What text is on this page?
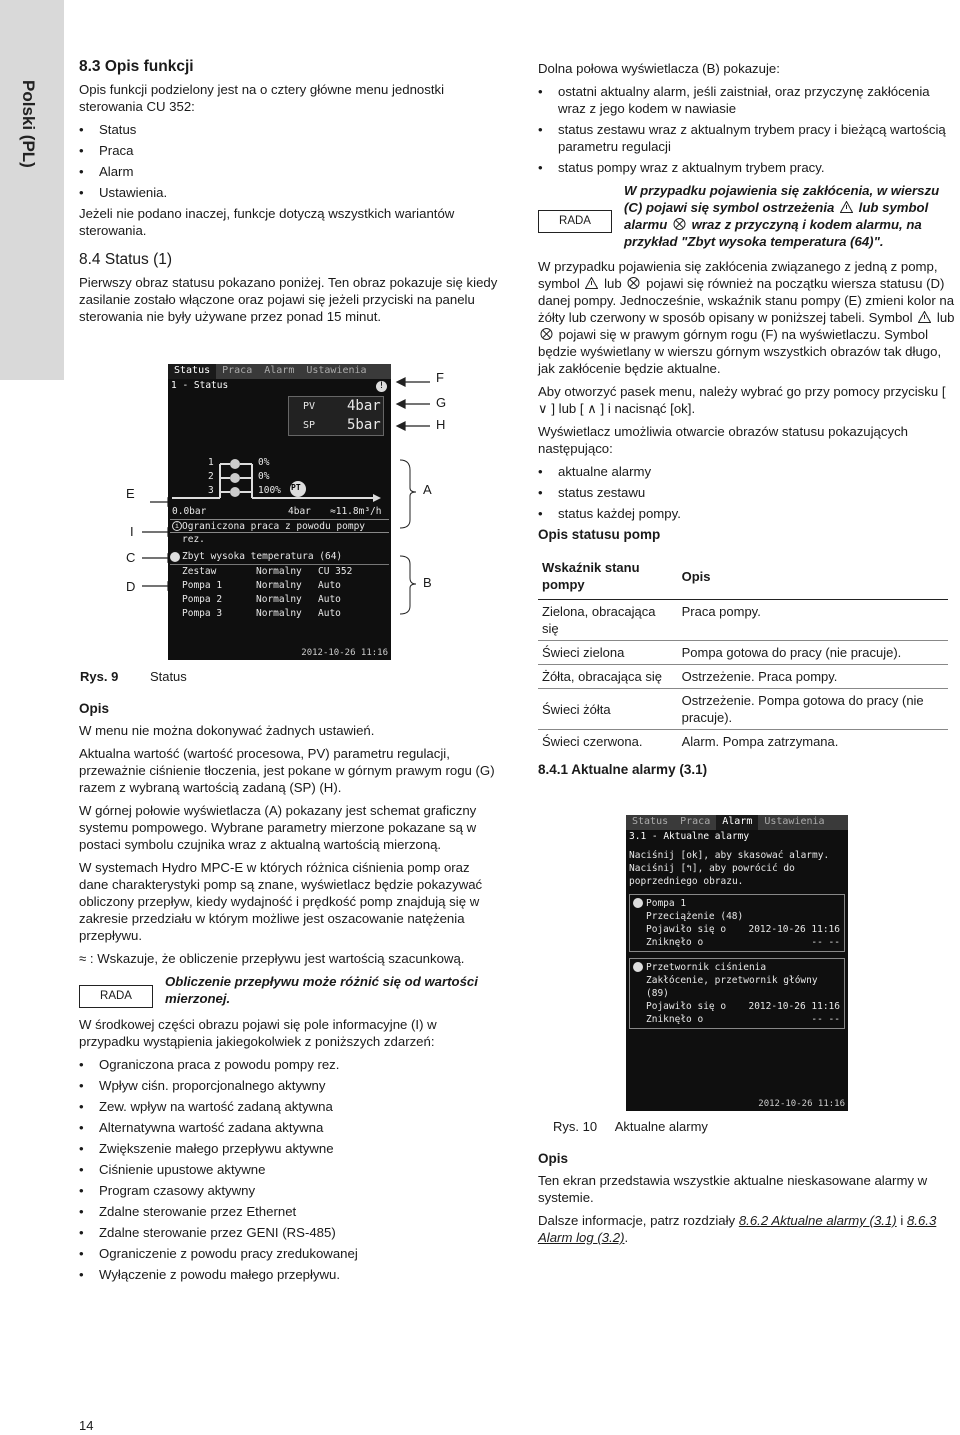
Polski (PL)
8.3 Opis funkcji

Opis funkcji podzielony jest na o cztery główne menu jednostki sterowania CU 352:

• Status
• Praca
• Alarm
• Ustawienia.

Jeżeli nie podano inaczej, funkcje dotyczą wszystkich wariantów sterowania.

8.4 Status (1)

Pierwszy obraz statusu pokazano poniżej. Ten obraz pokazuje się kiedy zasilanie zostało włączone oraz pojawi się jeżeli przyciski na panelu sterowania nie były używane przez ponad 15 minut.

E
I
C
D
F
G
H
A
B
Status	Praca	Alarm	Ustawienia
1 - Status	!
PV 4bar
SP 5bar
1
2
3
0%
0%
100% PT
0.0bar	4bar ≈11.8m³/h
i Ograniczona praca z powodu pompy rez.
Zbyt wysoka temperatura (64)
Zestaw	Normalny	CU 352
Pompa 1	Normalny	Auto
Pompa 2	Normalny	Auto
Pompa 3	Normalny	Auto
2012-10-26 11:16
Rys. 9 Status
Opis

W menu nie można dokonywać żadnych ustawień.

Aktualna wartość (wartość procesowa, PV) parametru regulacji, przeważnie ciśnienie tłoczenia, jest pokane w górnym prawym rogu (G) razem z wybraną wartością zadaną (SP) (H).

W górnej połowie wyświetlacza (A) pokazany jest schemat graficzny systemu pompowego. Wybrane parametry mierzone pokazane są w postaci symbolu czujnika wraz z aktualną wartością mierzoną.

W systemach Hydro MPC-E w których różnica ciśnienia pomp oraz dane charakterystyki pomp są znane, wyświetlacz będzie pokazywać obliczony przepływ, kiedy wydajność i prędkość pomp znajdują się w zakresie przedziału w którym możliwe jest oszacowanie natężenia przepływu.

≈ : Wskazuje, że obliczenie przepływu jest wartością szacunkową.

RADA
Obliczenie przepływu może różnić się od wartości mierzonej.

W środkowej części obrazu pojawi się pole informacyjne (I) w przypadku wystąpienia jakiegokolwiek z poniższych zdarzeń:

• Ograniczona praca z powodu pompy rez.
• Wpływ ciśn. proporcjonalnego aktywny
• Zew. wpływ na wartość zadaną aktywna
• Alternatywna wartość zadana aktywna
• Zwiększenie małego przepływu aktywne
• Ciśnienie upustowe aktywne
• Program czasowy aktywny
• Zdalne sterowanie przez Ethernet
• Zdalne sterowanie przez GENI (RS-485)
• Ograniczenie z powodu pracy zredukowanej
• Wyłączenie z powodu małego przepływu.

Dolna połowa wyświetlacza (B) pokazuje:

• ostatni aktualny alarm, jeśli zaistniał, oraz przyczynę zakłócenia wraz z jego kodem w nawiasie
• status zestawu wraz z aktualnym trybem pracy i bieżącą wartością parametru regulacji
• status pompy wraz z aktualnym trybem pracy.
RADA
W przypadku pojawienia się zakłócenia, w wierszu (C) pojawi się symbol ostrzeżenia lub symbol alarmu wraz z przyczyną i kodem alarmu, na przykład "Zbyt wysoka temperatura (64)".

W przypadku pojawienia się zakłócenia związanego z jedną z pomp, symbol lub pojawi się również na początku wiersza statusu (D) danej pompy. Jednocześnie, wskaźnik stanu pompy (E) zmieni kolor na żółty lub czerwony w sposób opisany w poniższej tabeli. Symbol lub  pojawi się w prawym górnym rogu (F) na wyświetlaczu. Symbol będzie wyświetlany w wierszu górnym wszystkich obrazów tak długo, jak zakłócenie będzie aktualne.

Aby otworzyć pasek menu, należy wybrać go przy pomocy przycisku [ ∨ ] lub [ ∧ ] i nacisnąć [ok].

Wyświetlacz umożliwia otwarcie obrazów statusu pokazujących następująco:

• aktualne alarmy
• status zestawu
• status każdej pompy.
Opis statusu pomp
Wskaźnik stanu pompy	Opis
Zielona, obracająca się	Praca pompy.
Świeci zielona	Pompa gotowa do pracy (nie pracuje).
Żółta, obracająca się	Ostrzeżenie. Praca pompy.
Świeci żółta	Ostrzeżenie. Pompa gotowa do pracy (nie pracuje).
Świeci czerwona.	Alarm. Pompa zatrzymana.
8.4.1 Aktualne alarmy (3.1)
Status	Praca	Alarm	Ustawienia
3.1 - Aktualne alarmy
Naciśnij [ok], aby skasować alarmy.
Naciśnij [↰], aby powrócić do poprzedniego obrazu.
Pompa 1
Przeciążenie (48)
Pojawiło się o 2012-10-26 11:16
Zniknęło o	-- --
Przetwornik ciśnienia
Zakłócenie, przetwornik główny (89)
Pojawiło się o 2012-10-26 11:16
Zniknęło o	-- --
2012-10-26 11:16
Rys. 10 Aktualne alarmy
Opis

Ten ekran przedstawia wszystkie aktualne nieskasowane alarmy w systemie.

Dalsze informacje, patrz rozdziały 8.6.2 Aktualne alarmy (3.1) i 8.6.3 Alarm log (3.2).

14
